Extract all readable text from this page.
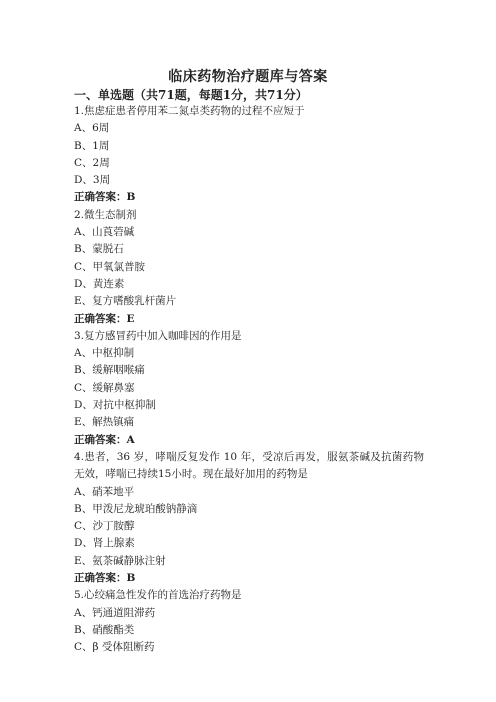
临床药物治疗题库与答案
一、单选题（共71题，每题1分，共71分）
1.焦虑症患者停用苯二氮卓类药物的过程不应短于
A、6周
B、1周
C、2周
D、3周
正确答案：B
2.微生态制剂
A、山莨菪碱
B、蒙脱石
C、甲氧氯普胺
D、黄连素
E、复方嗜酸乳杆菌片
正确答案：E
3.复方感冒药中加入咖啡因的作用是
A、中枢抑制
B、缓解咽喉痛
C、缓解鼻塞
D、对抗中枢抑制
E、解热镇痛
正确答案：A
4.患者，36 岁，哮喘反复发作 10 年，受凉后再发，服氨茶碱及抗菌药物无效，哮喘已持续15小时。现在最好加用的药物是
A、硝苯地平
B、甲泼尼龙琥珀酸钠静滴
C、沙丁胺醇
D、肾上腺素
E、氨茶碱静脉注射
正确答案：B
5.心绞痛急性发作的首选治疗药物是
A、钙通道阻滞药
B、硝酸酯类
C、β 受体阻断药
